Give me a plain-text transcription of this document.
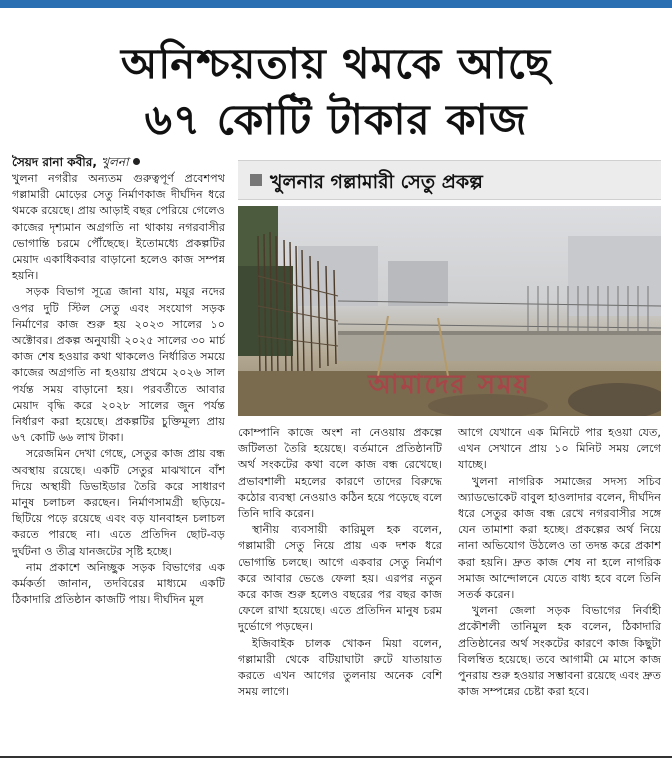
অনিশ্চয়তায় থমকে আছে
৬৭ কোটি টাকার কাজ
সৈয়দ রানা কবীর, খুলনা

খুলনা নগরীর অন্যতম গুরুত্বপূর্ণ প্রবেশপথ গল্লামারী মোড়ের সেতু নির্মাণকাজ দীর্ঘদিন ধরে থমকে রয়েছে। প্রায় আড়াই বছর পেরিয়ে গেলেও কাজের দৃশ্যমান অগ্রগতি না থাকায় নগরবাসীর ভোগান্তি চরমে পৌঁছেছে। ইতোমধ্যে প্রকল্পটির মেয়াদ একাধিকবার বাড়ানো হলেও কাজ সম্পন্ন হয়নি।

সড়ক বিভাগ সূত্রে জানা যায়, ময়ূর নদের ওপর দুটি স্টিল সেতু এবং সংযোগ সড়ক নির্মাণের কাজ শুরু হয় ২০২৩ সালের ১০ অক্টোবর। প্রকল্প অনুযায়ী ২০২৫ সালের ৩০ মার্চ কাজ শেষ হওয়ার কথা থাকলেও নির্ধারিত সময়ে কাজের অগ্রগতি না হওয়ায় প্রথমে ২০২৬ সাল পর্যন্ত সময় বাড়ানো হয়। পরবর্তীতে আবার মেয়াদ বৃদ্ধি করে ২০২৮ সালের জুন পর্যন্ত নির্ধারণ করা হয়েছে। প্রকল্পটির চুক্তিমূল্য প্রায় ৬৭ কোটি ৬৬ লাখ টাকা।

সরেজমিন দেখা গেছে, সেতুর কাজ প্রায় বন্ধ অবস্থায় রয়েছে। একটি সেতুর মাঝখানে বাঁশ দিয়ে অস্থায়ী ডিভাইডার তৈরি করে সাধারণ মানুষ চলাচল করছেন। নির্মাণসামগ্রী ছড়িয়ে-ছিটিয়ে পড়ে রয়েছে এবং বড় যানবাহন চলাচল করতে পারছে না। এতে প্রতিদিন ছোট-বড় দুর্ঘটনা ও তীব্র যানজটের সৃষ্টি হচ্ছে।

নাম প্রকাশে অনিচ্ছুক সড়ক বিভাগের এক কর্মকর্তা জানান, তদবিরের মাধ্যমে একটি ঠিকাদারি প্রতিষ্ঠান কাজটি পায়। দীর্ঘদিন মূল

খুলনার গল্লামারী সেতু প্রকল্প
আমাদের সময়

কোম্পানি কাজে অংশ না নেওয়ায় প্রকল্পে জটিলতা তৈরি হয়েছে। বর্তমানে প্রতিষ্ঠানটি অর্থ সংকটের কথা বলে কাজ বন্ধ রেখেছে। প্রভাবশালী মহলের কারণে তাদের বিরুদ্ধে কঠোর ব্যবস্থা নেওয়াও কঠিন হয়ে পড়েছে বলে তিনি দাবি করেন।

স্থানীয় ব্যবসায়ী কারিমুল হক বলেন, গল্লামারী সেতু নিয়ে প্রায় এক দশক ধরে ভোগান্তি চলছে। আগে একবার সেতু নির্মাণ করে আবার ভেঙে ফেলা হয়। এরপর নতুন করে কাজ শুরু হলেও বছরের পর বছর কাজ ফেলে রাখা হয়েছে। এতে প্রতিদিন মানুষ চরম দুর্ভোগে পড়ছেন।

ইজিবাইক চালক খোকন মিয়া বলেন, গল্লামারী থেকে বটিয়াঘাটা রুটে যাতায়াত করতে এখন আগের তুলনায় অনেক বেশি সময় লাগে।

আগে যেখানে এক মিনিটে পার হওয়া যেত, এখন সেখানে প্রায় ১০ মিনিট সময় লেগে যাচ্ছে।

খুলনা নাগরিক সমাজের সদস্য সচিব অ্যাডভোকেট বাবুল হাওলাদার বলেন, দীর্ঘদিন ধরে সেতুর কাজ বন্ধ রেখে নগরবাসীর সঙ্গে যেন তামাশা করা হচ্ছে। প্রকল্পের অর্থ নিয়ে নানা অভিযোগ উঠলেও তা তদন্ত করে প্রকাশ করা হয়নি। দ্রুত কাজ শেষ না হলে নাগরিক সমাজ আন্দোলনে যেতে বাধ্য হবে বলে তিনি সতর্ক করেন।

খুলনা জেলা সড়ক বিভাগের নির্বাহী প্রকৌশলী তানিমুল হক বলেন, ঠিকাদারি প্রতিষ্ঠানের অর্থ সংকটের কারণে কাজ কিছুটা বিলম্বিত হয়েছে। তবে আগামী মে মাসে কাজ পুনরায় শুরু হওয়ার সম্ভাবনা রয়েছে এবং দ্রুত কাজ সম্পন্নের চেষ্টা করা হবে।
